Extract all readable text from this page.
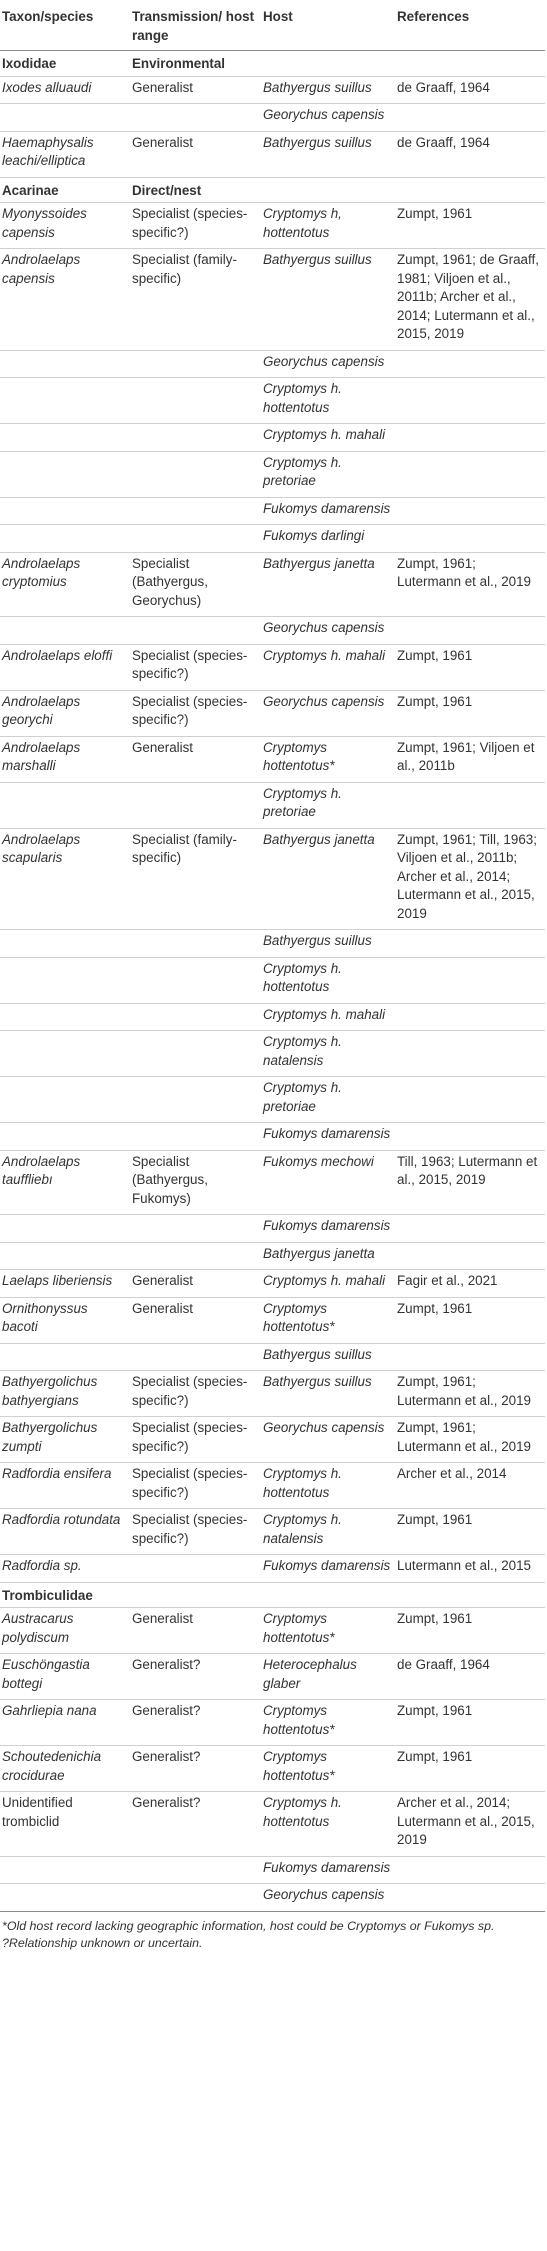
Taxon/species	Transmission/ host range	Host	References
Ixodidae	Environmental		
Ixodes alluaudi	Generalist	Bathyergus suillus	de Graaff, 1964
		Georychus capensis	
Haemaphysalis leachi/elliptica	Generalist	Bathyergus suillus	de Graaff, 1964
Acarinae	Direct/nest		
Myonyssoides capensis	Specialist (species-specific?)	Cryptomys h, hottentotus	Zumpt, 1961
Androlaelaps capensis	Specialist (family-specific)	Bathyergus suillus	Zumpt, 1961; de Graaff, 1981; Viljoen et al., 2011b; Archer et al., 2014; Lutermann et al., 2015, 2019
		Georychus capensis	
		Cryptomys h. hottentotus	
		Cryptomys h. mahali	
		Cryptomys h. pretoriae	
		Fukomys damarensis	
		Fukomys darlingi	
Androlaelaps cryptomius	Specialist (Bathyergus, Georychus)	Bathyergus janetta	Zumpt, 1961; Lutermann et al., 2019
		Georychus capensis	
Androlaelaps eloffi	Specialist (species-specific?)	Cryptomys h. mahali	Zumpt, 1961
Androlaelaps georychi	Specialist (species-specific?)	Georychus capensis	Zumpt, 1961
Androlaelaps marshalli	Generalist	Cryptomys hottentotus*	Zumpt, 1961; Viljoen et al., 2011b
		Cryptomys h. pretoriae	
Androlaelaps scapularis	Specialist (family-specific)	Bathyergus janetta	Zumpt, 1961; Till, 1963; Viljoen et al., 2011b; Archer et al., 2014; Lutermann et al., 2015, 2019
		Bathyergus suillus	
		Cryptomys h. hottentotus	
		Cryptomys h. mahali	
		Cryptomys h. natalensis	
		Cryptomys h. pretoriae	
		Fukomys damarensis	
Androlaelaps tauffliebı	Specialist (Bathyergus, Fukomys)	Fukomys mechowi	Till, 1963; Lutermann et al., 2015, 2019
		Fukomys damarensis	
		Bathyergus janetta	
Laelaps liberiensis	Generalist	Cryptomys h. mahali	Fagir et al., 2021
Ornithonyssus bacoti	Generalist	Cryptomys hottentotus*	Zumpt, 1961
		Bathyergus suillus	
Bathyergolichus bathyergians	Specialist (species-specific?)	Bathyergus suillus	Zumpt, 1961; Lutermann et al., 2019
Bathyergolichus zumpti	Specialist (species-specific?)	Georychus capensis	Zumpt, 1961; Lutermann et al., 2019
Radfordia ensifera	Specialist (species-specific?)	Cryptomys h. hottentotus	Archer et al., 2014
Radfordia rotundata	Specialist (species-specific?)	Cryptomys h. natalensis	Zumpt, 1961
Radfordia sp.		Fukomys damarensis	Lutermann et al., 2015
Trombiculidae			
Austracarus polydiscum	Generalist	Cryptomys hottentotus*	Zumpt, 1961
Euschöngastia bottegi	Generalist?	Heterocephalus glaber	de Graaff, 1964
Gahrliepia nana	Generalist?	Cryptomys hottentotus*	Zumpt, 1961
Schoutedenichia crocidurae	Generalist?	Cryptomys hottentotus*	Zumpt, 1961
Unidentified trombiclid	Generalist?	Cryptomys h. hottentotus	Archer et al., 2014; Lutermann et al., 2015, 2019
		Fukomys damarensis	
		Georychus capensis	
*Old host record lacking geographic information, host could be Cryptomys or Fukomys sp.
?Relationship unknown or uncertain.
